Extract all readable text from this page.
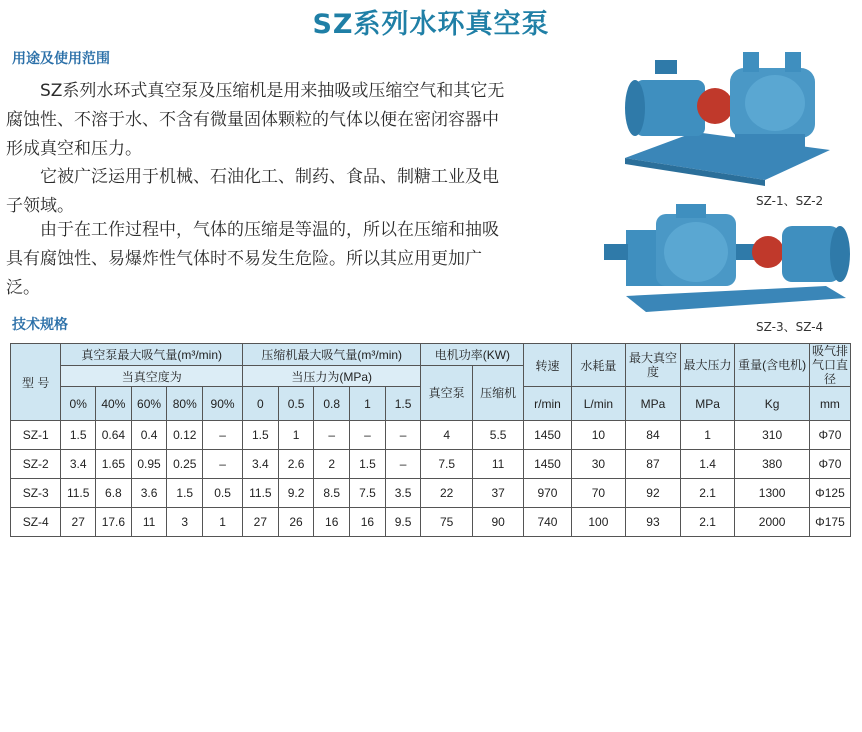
SZ系列水环真空泵
用途及使用范围

SZ系列水环式真空泵及压缩机是用来抽吸或压缩空气和其它无腐蚀性、不溶于水、不含有微量固体颗粒的气体以便在密闭容器中形成真空和压力。

它被广泛运用于机械、石油化工、制药、食品、制糖工业及电子领域。

由于在工作过程中，气体的压缩是等温的，所以在压缩和抽吸具有腐蚀性、易爆炸性气体时不易发生危险。所以其应用更加广泛。

SZ-1、SZ-2
SZ-3、SZ-4
技术规格
型 号	真空泵最大吸气量(m³/min)					压缩机最大吸气量(m³/min)					电机功率(KW)		转速	水耗量	最大真空度	最大压力	重量(含电机)	吸气排气口直径
	当真空度为					当压力为(MPa)					真空泵	压缩机						
	0%	40%	60%	80%	90%	0	0.5	0.8	1	1.5			r/min	L/min	MPa	MPa	Kg	mm
SZ-1	1.5	0.64	0.4	0.12	–	1.5	1	–	–	–	4	5.5	1450	10	84	1	310	Φ70
SZ-2	3.4	1.65	0.95	0.25	–	3.4	2.6	2	1.5	–	7.5	11	1450	30	87	1.4	380	Φ70
SZ-3	11.5	6.8	3.6	1.5	0.5	11.5	9.2	8.5	7.5	3.5	22	37	970	70	92	2.1	1300	Φ125
SZ-4	27	17.6	11	3	1	27	26	16	16	9.5	75	90	740	100	93	2.1	2000	Φ175
